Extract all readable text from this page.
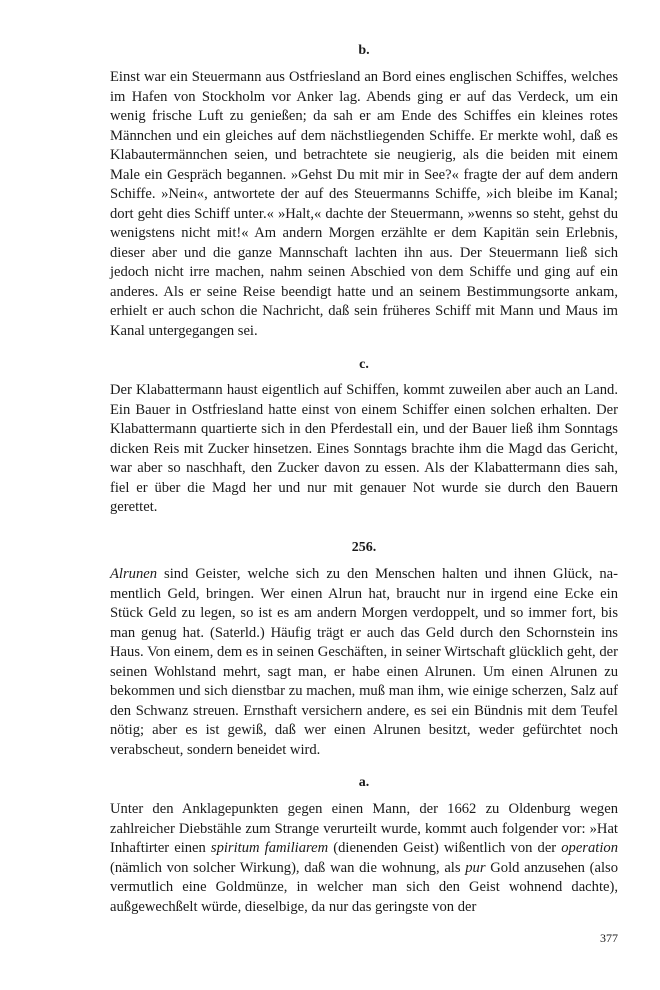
b.

Einst war ein Steuermann aus Ostfriesland an Bord eines englischen Schiffes, welches im Hafen von Stockholm vor Anker lag. Abends ging er auf das Verdeck, um ein wenig frische Luft zu genießen; da sah er am Ende des Schiffes ein kleines rotes Männchen und ein gleiches auf dem nächstliegenden Schiffe. Er merkte wohl, daß es Klabautermännchen seien, und betrachtete sie neugierig, als die beiden mit einem Male ein Gespräch begannen. »Gehst Du mit mir in See?« fragte der auf dem andern Schiffe. »Nein«, antwortete der auf des Steuermanns Schiffe, »ich bleibe im Kanal; dort geht dies Schiff unter.« »Halt,« dachte der Steuermann, »wenns so steht, gehst du wenigstens nicht mit!« Am andern Morgen erzählte er dem Kapitän sein Erlebnis, dieser aber und die ganze Mannschaft lachten ihn aus. Der Steuermann ließ sich jedoch nicht irre machen, nahm seinen Abschied von dem Schiffe und ging auf ein anderes. Als er seine Reise beendigt hatte und an seinem Bestimmungsorte ankam, erhielt er auch schon die Nachricht, daß sein früheres Schiff mit Mann und Maus im Kanal untergegangen sei.

c.

Der Klabattermann haust eigentlich auf Schiffen, kommt zuweilen aber auch an Land. Ein Bauer in Ostfriesland hatte einst von einem Schiffer einen solchen erhalten. Der Klabattermann quartierte sich in den Pferdestall ein, und der Bauer ließ ihm Sonntags dicken Reis mit Zucker hinsetzen. Eines Sonntags brachte ihm die Magd das Gericht, war aber so naschhaft, den Zucker davon zu essen. Als der Klabattermann dies sah, fiel er über die Magd her und nur mit genauer Not wurde sie durch den Bauern gerettet.

256.

Alrunen sind Geister, welche sich zu den Menschen halten und ihnen Glück, namentlich Geld, bringen. Wer einen Alrun hat, braucht nur in irgend eine Ecke ein Stück Geld zu legen, so ist es am andern Morgen verdoppelt, und so immer fort, bis man genug hat. (Saterld.) Häufig trägt er auch das Geld durch den Schornstein ins Haus. Von einem, dem es in seinen Geschäften, in seiner Wirtschaft glücklich geht, der seinen Wohlstand mehrt, sagt man, er habe einen Alrunen. Um einen Alrunen zu bekommen und sich dienstbar zu machen, muß man ihm, wie einige scherzen, Salz auf den Schwanz streuen. Ernsthaft versichern andere, es sei ein Bündnis mit dem Teufel nötig; aber es ist gewiß, daß wer einen Alrunen besitzt, weder gefürchtet noch verabscheut, sondern beneidet wird.

a.

Unter den Anklagepunkten gegen einen Mann, der 1662 zu Oldenburg wegen zahlreicher Diebstähle zum Strange verurteilt wurde, kommt auch folgender vor: »Hat Inhaftirter einen spiritum familiarem (dienenden Geist) wißentlich von der operation (nämlich von solcher Wirkung), daß wan die wohnung, als pur Gold anzusehen (also vermutlich eine Goldmünze, in welcher man sich den Geist wohnend dachte), außgewechßelt würde, dieselbige, da nur das geringste von der

377
